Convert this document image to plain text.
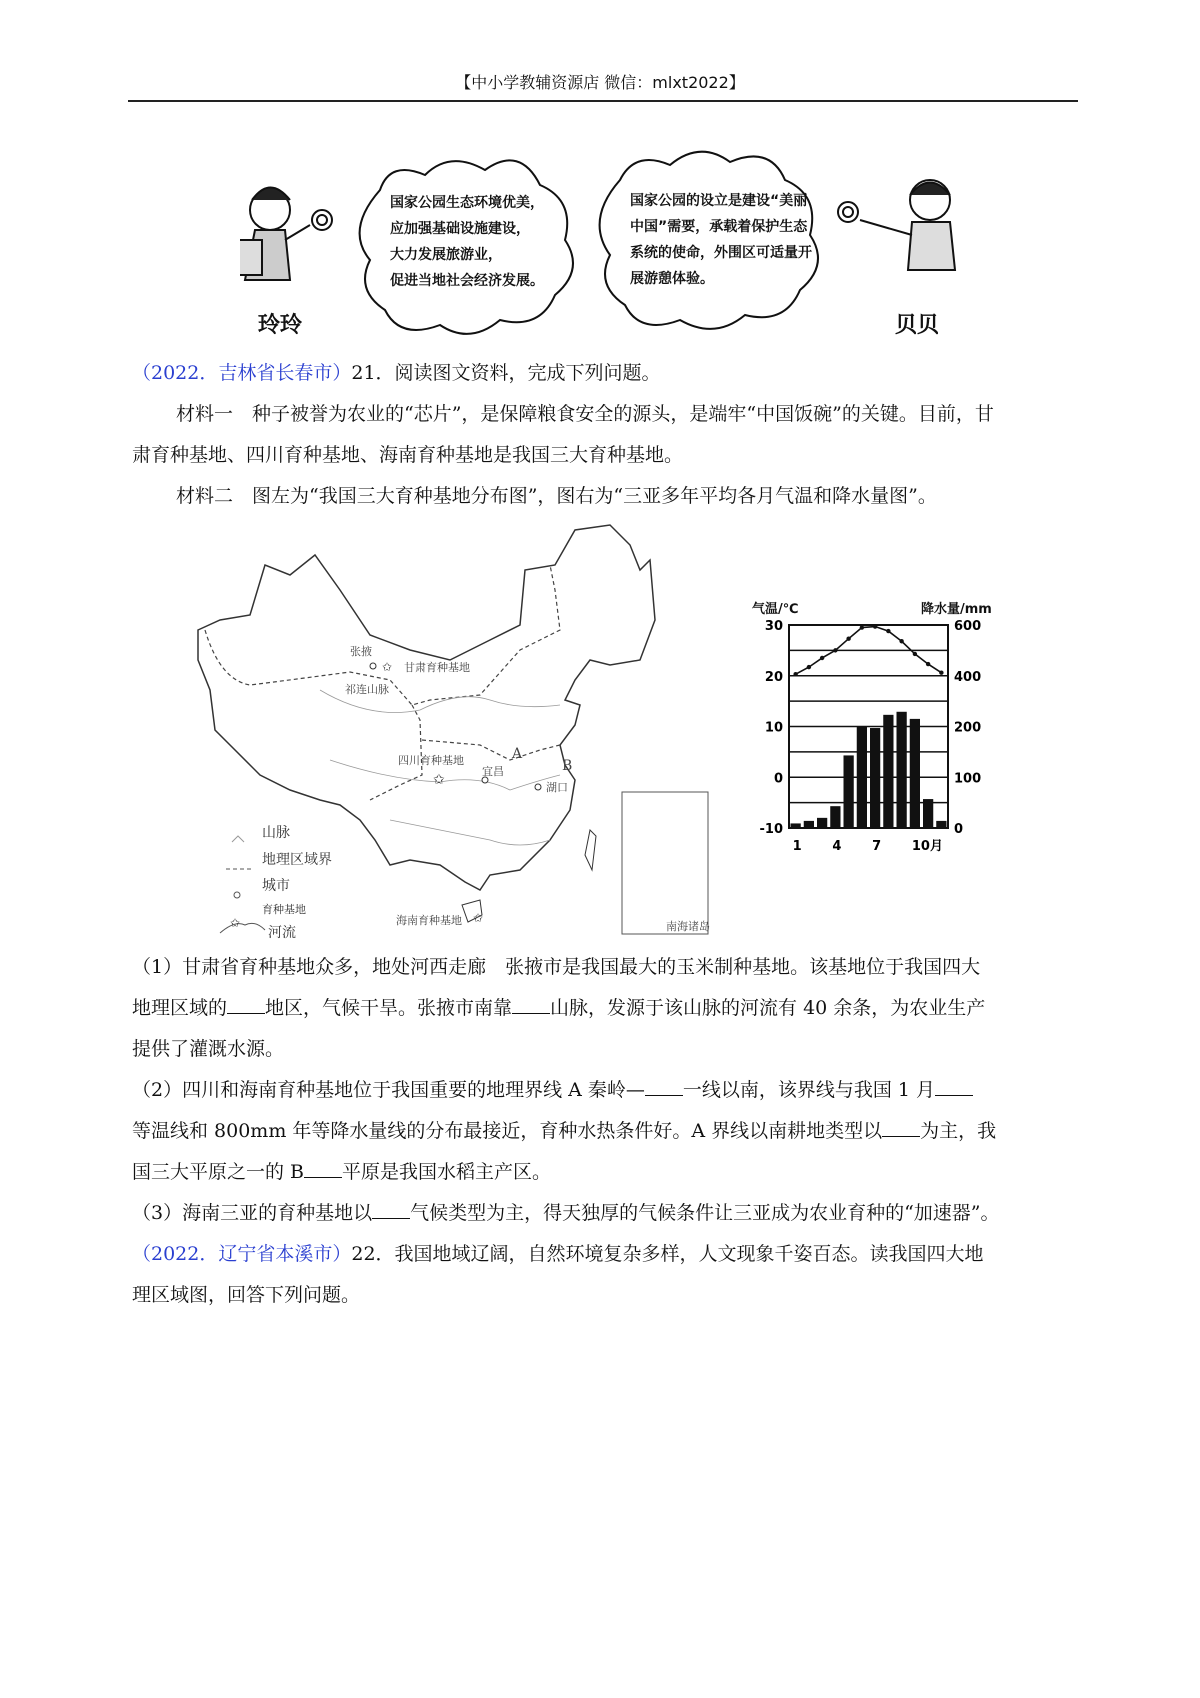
【中小学教辅资源店 微信：mlxt2022】
国家公园生态环境优美，
应加强基础设施建设，
大力发展旅游业，
促进当地社会经济发展。
国家公园的设立是建设“美丽
中国”需要，承载着保护生态
系统的使命，外围区可适量开
展游憩体验。
玲玲	贝贝
（2022．吉林省长春市）21．阅读图文资料，完成下列问题。
材料一　种子被誉为农业的“芯片”，是保障粮食安全的源头，是端牢“中国饭碗”的关键。目前，甘
肃育种基地、四川育种基地、海南育种基地是我国三大育种基地。
材料二　图左为“我国三大育种基地分布图”，图右为“三亚多年平均各月气温和降水量图”。
✩
✩
✩
✩
张掖
甘肃育种基地
祁连山脉
A
B
宜昌
四川育种基地
湖口
海南育种基地	南海诸岛
山脉
地理区域界
城市
育种基地
河流
气温/℃	降水量/mm
30
20
10
0
-10
600
400
200
100
0
1 4 7 10月
（1）甘肃省育种基地众多，地处河西走廊　张掖市是我国最大的玉米制种基地。该基地位于我国四大
地理区域的 地区，气候干旱。张掖市南靠 山脉，发源于该山脉的河流有 40 余条，为农业生产
提供了灌溉水源。
（2）四川和海南育种基地位于我国重要的地理界线 A 秦岭— 一线以南，该界线与我国 1 月
等温线和 800mm 年等降水量线的分布最接近，育种水热条件好。A 界线以南耕地类型以 为主，我
国三大平原之一的 B 平原是我国水稻主产区。
（3）海南三亚的育种基地以 气候类型为主，得天独厚的气候条件让三亚成为农业育种的“加速器”。
（2022．辽宁省本溪市）22．我国地域辽阔，自然环境复杂多样，人文现象千姿百态。读我国四大地
理区域图，回答下列问题。
